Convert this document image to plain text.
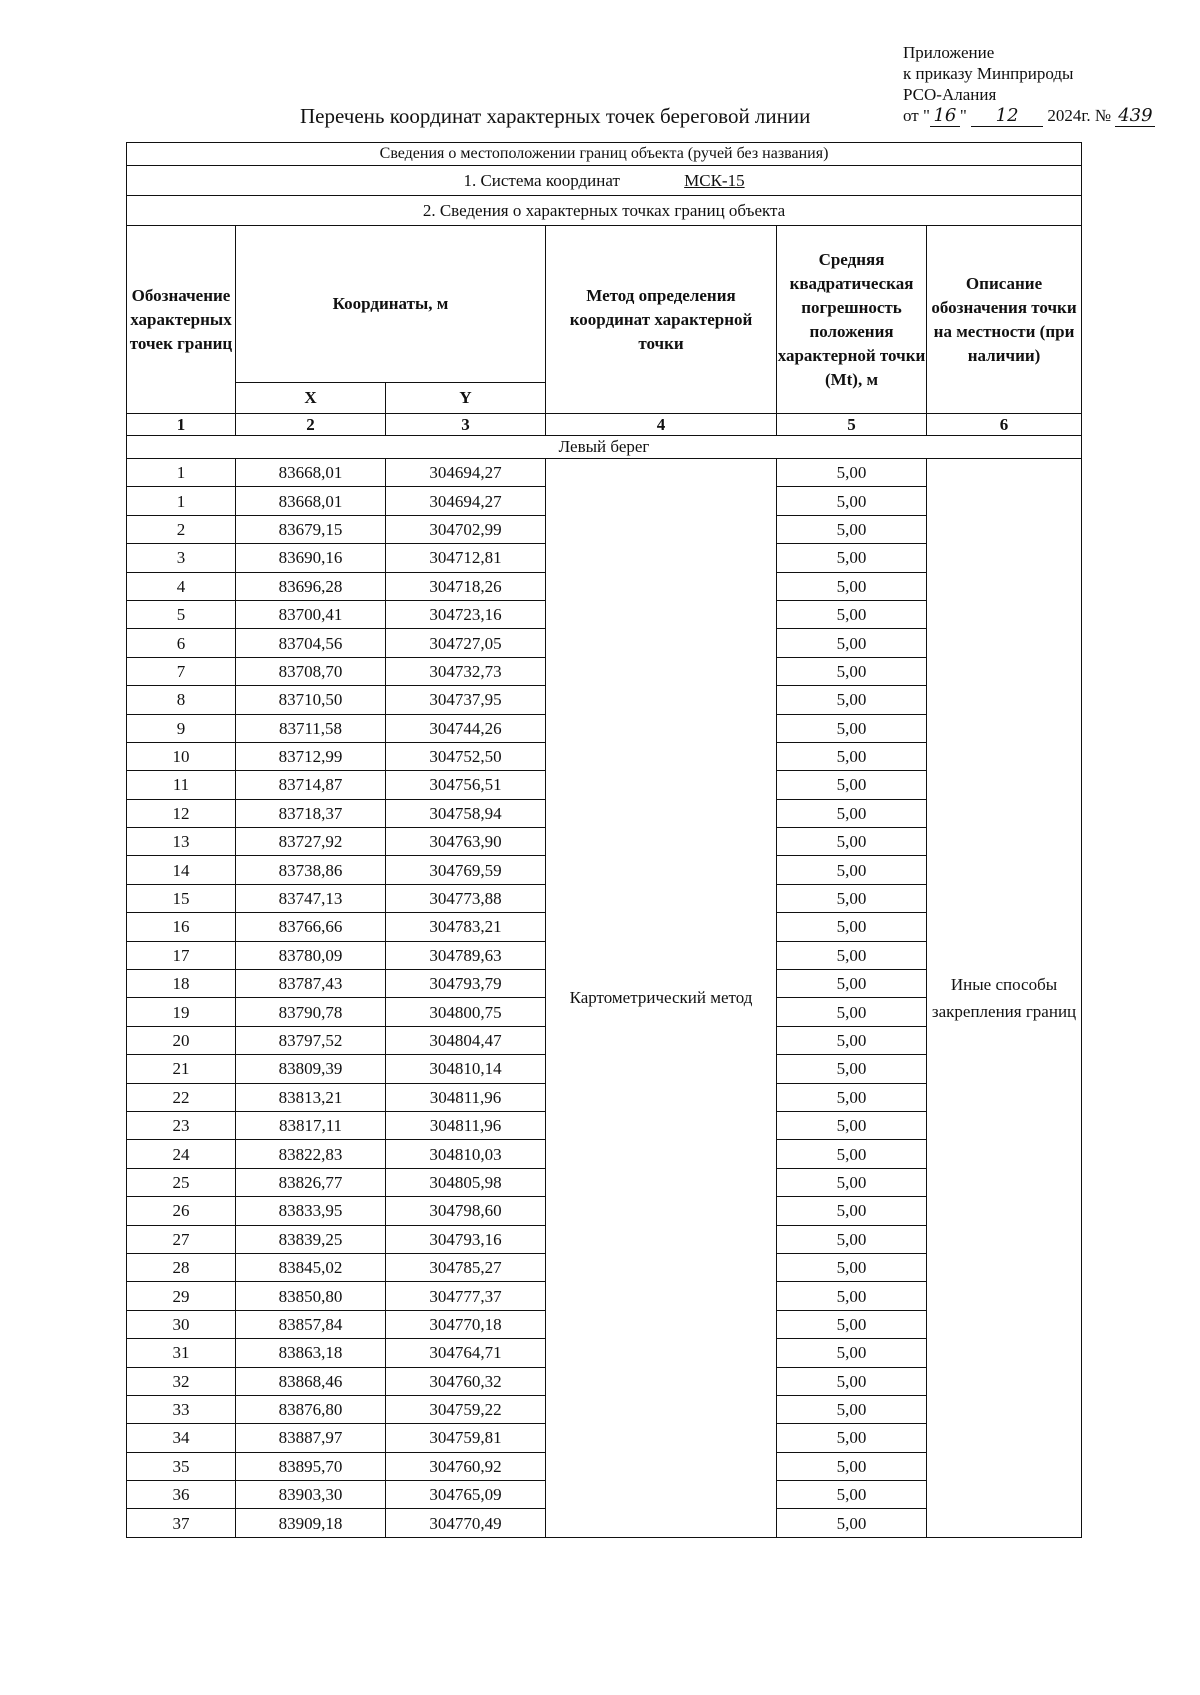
Приложение
к приказу Минприроды
РСО-Алания
от " 16 " 12 2024г. № 439
Перечень координат характерных точек береговой линии
Сведения о местоположении границ объекта (ручей без названия)					
1. Система координат МСК-15					
2. Сведения о характерных точках границ объекта					
Обозначение характерных точек границ	Координаты, м		Метод определения координат характерной точки	Средняя квадратическая погрешность положения характерной точки (Mt), м	Описание обозначения точки на местности (при наличии)
	X	Y			
1	2	3	4	5	6
Левый берег					
1	83668,01	304694,27	Картометрический метод	5,00	Иные способы закрепления границ
1	83668,01	304694,27		5,00	
2	83679,15	304702,99		5,00	
3	83690,16	304712,81		5,00	
4	83696,28	304718,26		5,00	
5	83700,41	304723,16		5,00	
6	83704,56	304727,05		5,00	
7	83708,70	304732,73		5,00	
8	83710,50	304737,95		5,00	
9	83711,58	304744,26		5,00	
10	83712,99	304752,50		5,00	
11	83714,87	304756,51		5,00	
12	83718,37	304758,94		5,00	
13	83727,92	304763,90		5,00	
14	83738,86	304769,59		5,00	
15	83747,13	304773,88		5,00	
16	83766,66	304783,21		5,00	
17	83780,09	304789,63		5,00	
18	83787,43	304793,79		5,00	
19	83790,78	304800,75		5,00	
20	83797,52	304804,47		5,00	
21	83809,39	304810,14		5,00	
22	83813,21	304811,96		5,00	
23	83817,11	304811,96		5,00	
24	83822,83	304810,03		5,00	
25	83826,77	304805,98		5,00	
26	83833,95	304798,60		5,00	
27	83839,25	304793,16		5,00	
28	83845,02	304785,27		5,00	
29	83850,80	304777,37		5,00	
30	83857,84	304770,18		5,00	
31	83863,18	304764,71		5,00	
32	83868,46	304760,32		5,00	
33	83876,80	304759,22		5,00	
34	83887,97	304759,81		5,00	
35	83895,70	304760,92		5,00	
36	83903,30	304765,09		5,00	
37	83909,18	304770,49		5,00	
